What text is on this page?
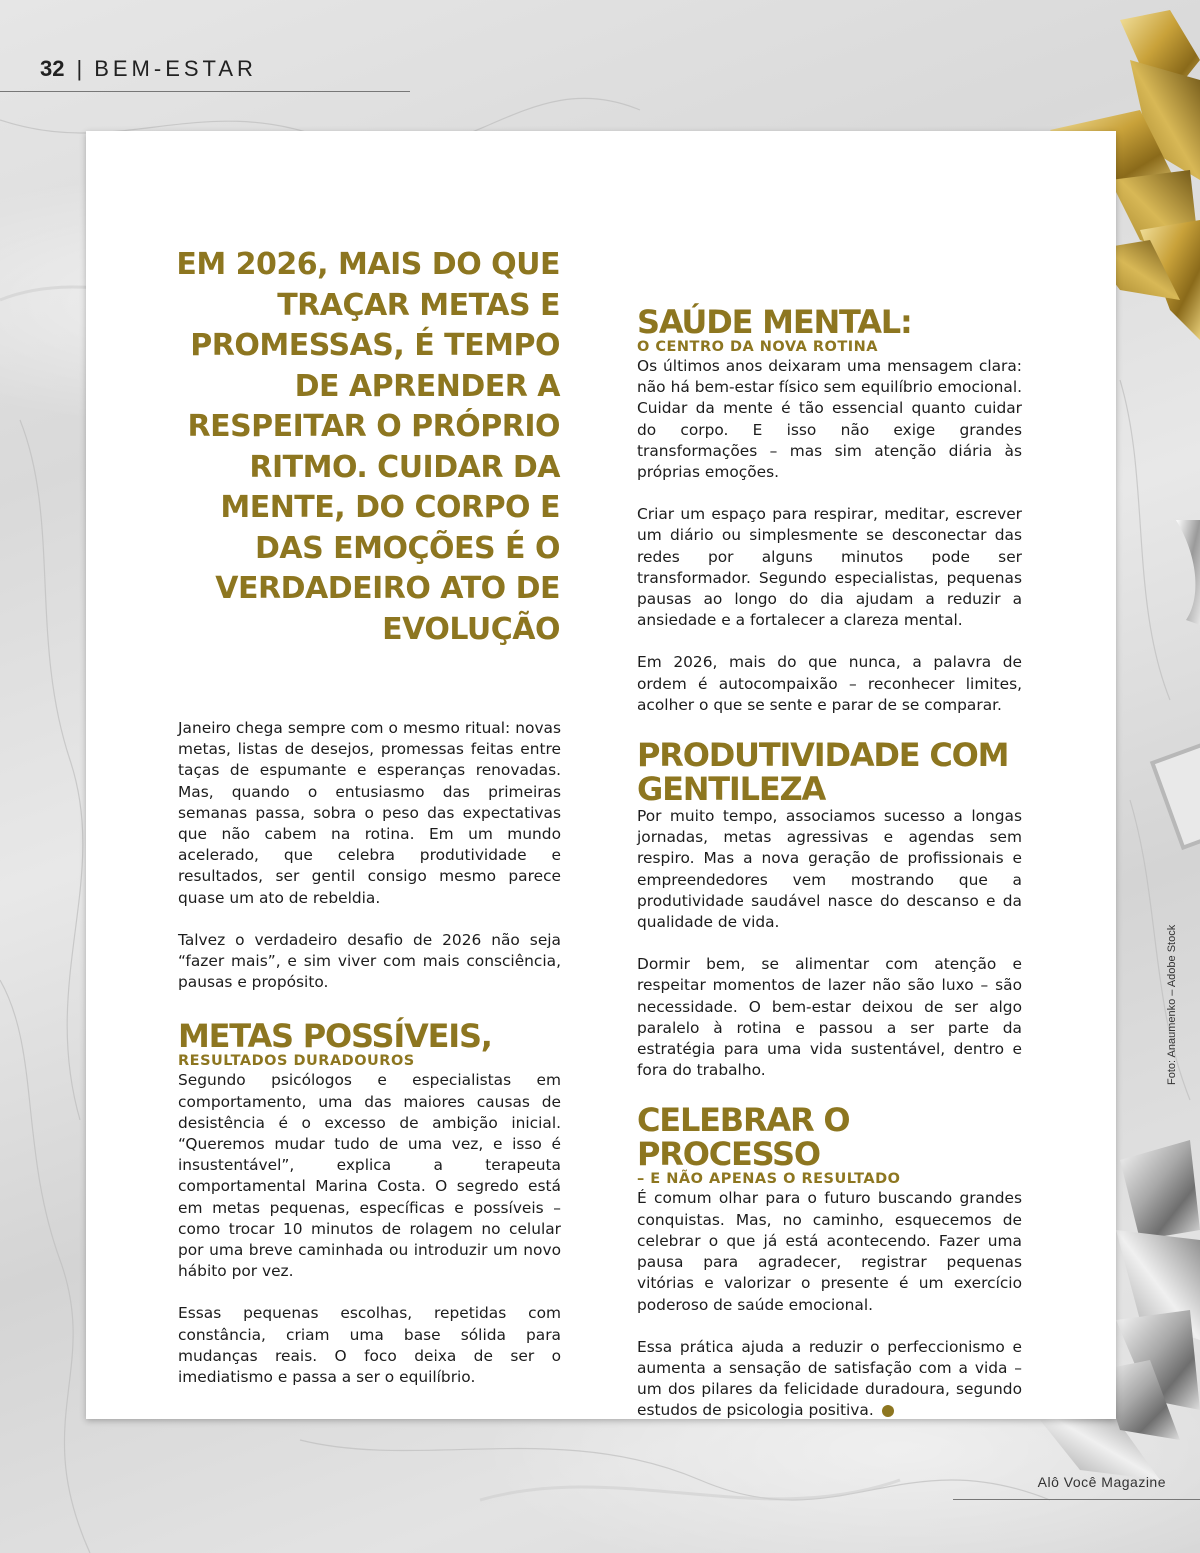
32 | BEM-ESTAR
EM 2026, MAIS DO QUE TRAÇAR METAS E PROMESSAS, É TEMPO DE APRENDER A RESPEITAR O PRÓPRIO RITMO. CUIDAR DA MENTE, DO CORPO E DAS EMOÇÕES É O VERDADEIRO ATO DE EVOLUÇÃO

Janeiro chega sempre com o mesmo ritual: novas metas, listas de desejos, promessas feitas entre taças de espumante e esperanças renovadas. Mas, quando o entusiasmo das primeiras semanas passa, sobra o peso das expectativas que não cabem na rotina. Em um mundo acelerado, que celebra produtividade e resultados, ser gentil consigo mesmo parece quase um ato de rebeldia.

Talvez o verdadeiro desafio de 2026 não seja “fazer mais”, e sim viver com mais consciência, pausas e propósito.

METAS POSSÍVEIS,
RESULTADOS DURADOUROS

Segundo psicólogos e especialistas em comportamento, uma das maiores causas de desistência é o excesso de ambição inicial. “Queremos mudar tudo de uma vez, e isso é insustentável”, explica a terapeuta comportamental Marina Costa. O segredo está em metas pequenas, específicas e possíveis – como trocar 10 minutos de rolagem no celular por uma breve caminhada ou introduzir um novo hábito por vez.

Essas pequenas escolhas, repetidas com constância, criam uma base sólida para mudanças reais. O foco deixa de ser o imediatismo e passa a ser o equilíbrio.

SAÚDE MENTAL:
O CENTRO DA NOVA ROTINA

Os últimos anos deixaram uma mensagem clara: não há bem-estar físico sem equilíbrio emocional. Cuidar da mente é tão essencial quanto cuidar do corpo. E isso não exige grandes transformações – mas sim atenção diária às próprias emoções.

Criar um espaço para respirar, meditar, escrever um diário ou simplesmente se desconectar das redes por alguns minutos pode ser transformador. Segundo especialistas, pequenas pausas ao longo do dia ajudam a reduzir a ansiedade e a fortalecer a clareza mental.

Em 2026, mais do que nunca, a palavra de ordem é autocompaixão – reconhecer limites, acolher o que se sente e parar de se comparar.

PRODUTIVIDADE COM GENTILEZA

Por muito tempo, associamos sucesso a longas jornadas, metas agressivas e agendas sem respiro. Mas a nova geração de profissionais e empreendedores vem mostrando que a produtividade saudável nasce do descanso e da qualidade de vida.

Dormir bem, se alimentar com atenção e respeitar momentos de lazer não são luxo – são necessidade. O bem-estar deixou de ser algo paralelo à rotina e passou a ser parte da estratégia para uma vida sustentável, dentro e fora do trabalho.

CELEBRAR O PROCESSO
– E NÃO APENAS O RESULTADO

É comum olhar para o futuro buscando grandes conquistas. Mas, no caminho, esquecemos de celebrar o que já está acontecendo. Fazer uma pausa para agradecer, registrar pequenas vitórias e valorizar o presente é um exercício poderoso de saúde emocional.

Essa prática ajuda a reduzir o perfeccionismo e aumenta a sensação de satisfação com a vida – um dos pilares da felicidade duradoura, segundo estudos de psicologia positiva.

Foto: Anaumenko – Adobe Stock
Alô Você Magazine
